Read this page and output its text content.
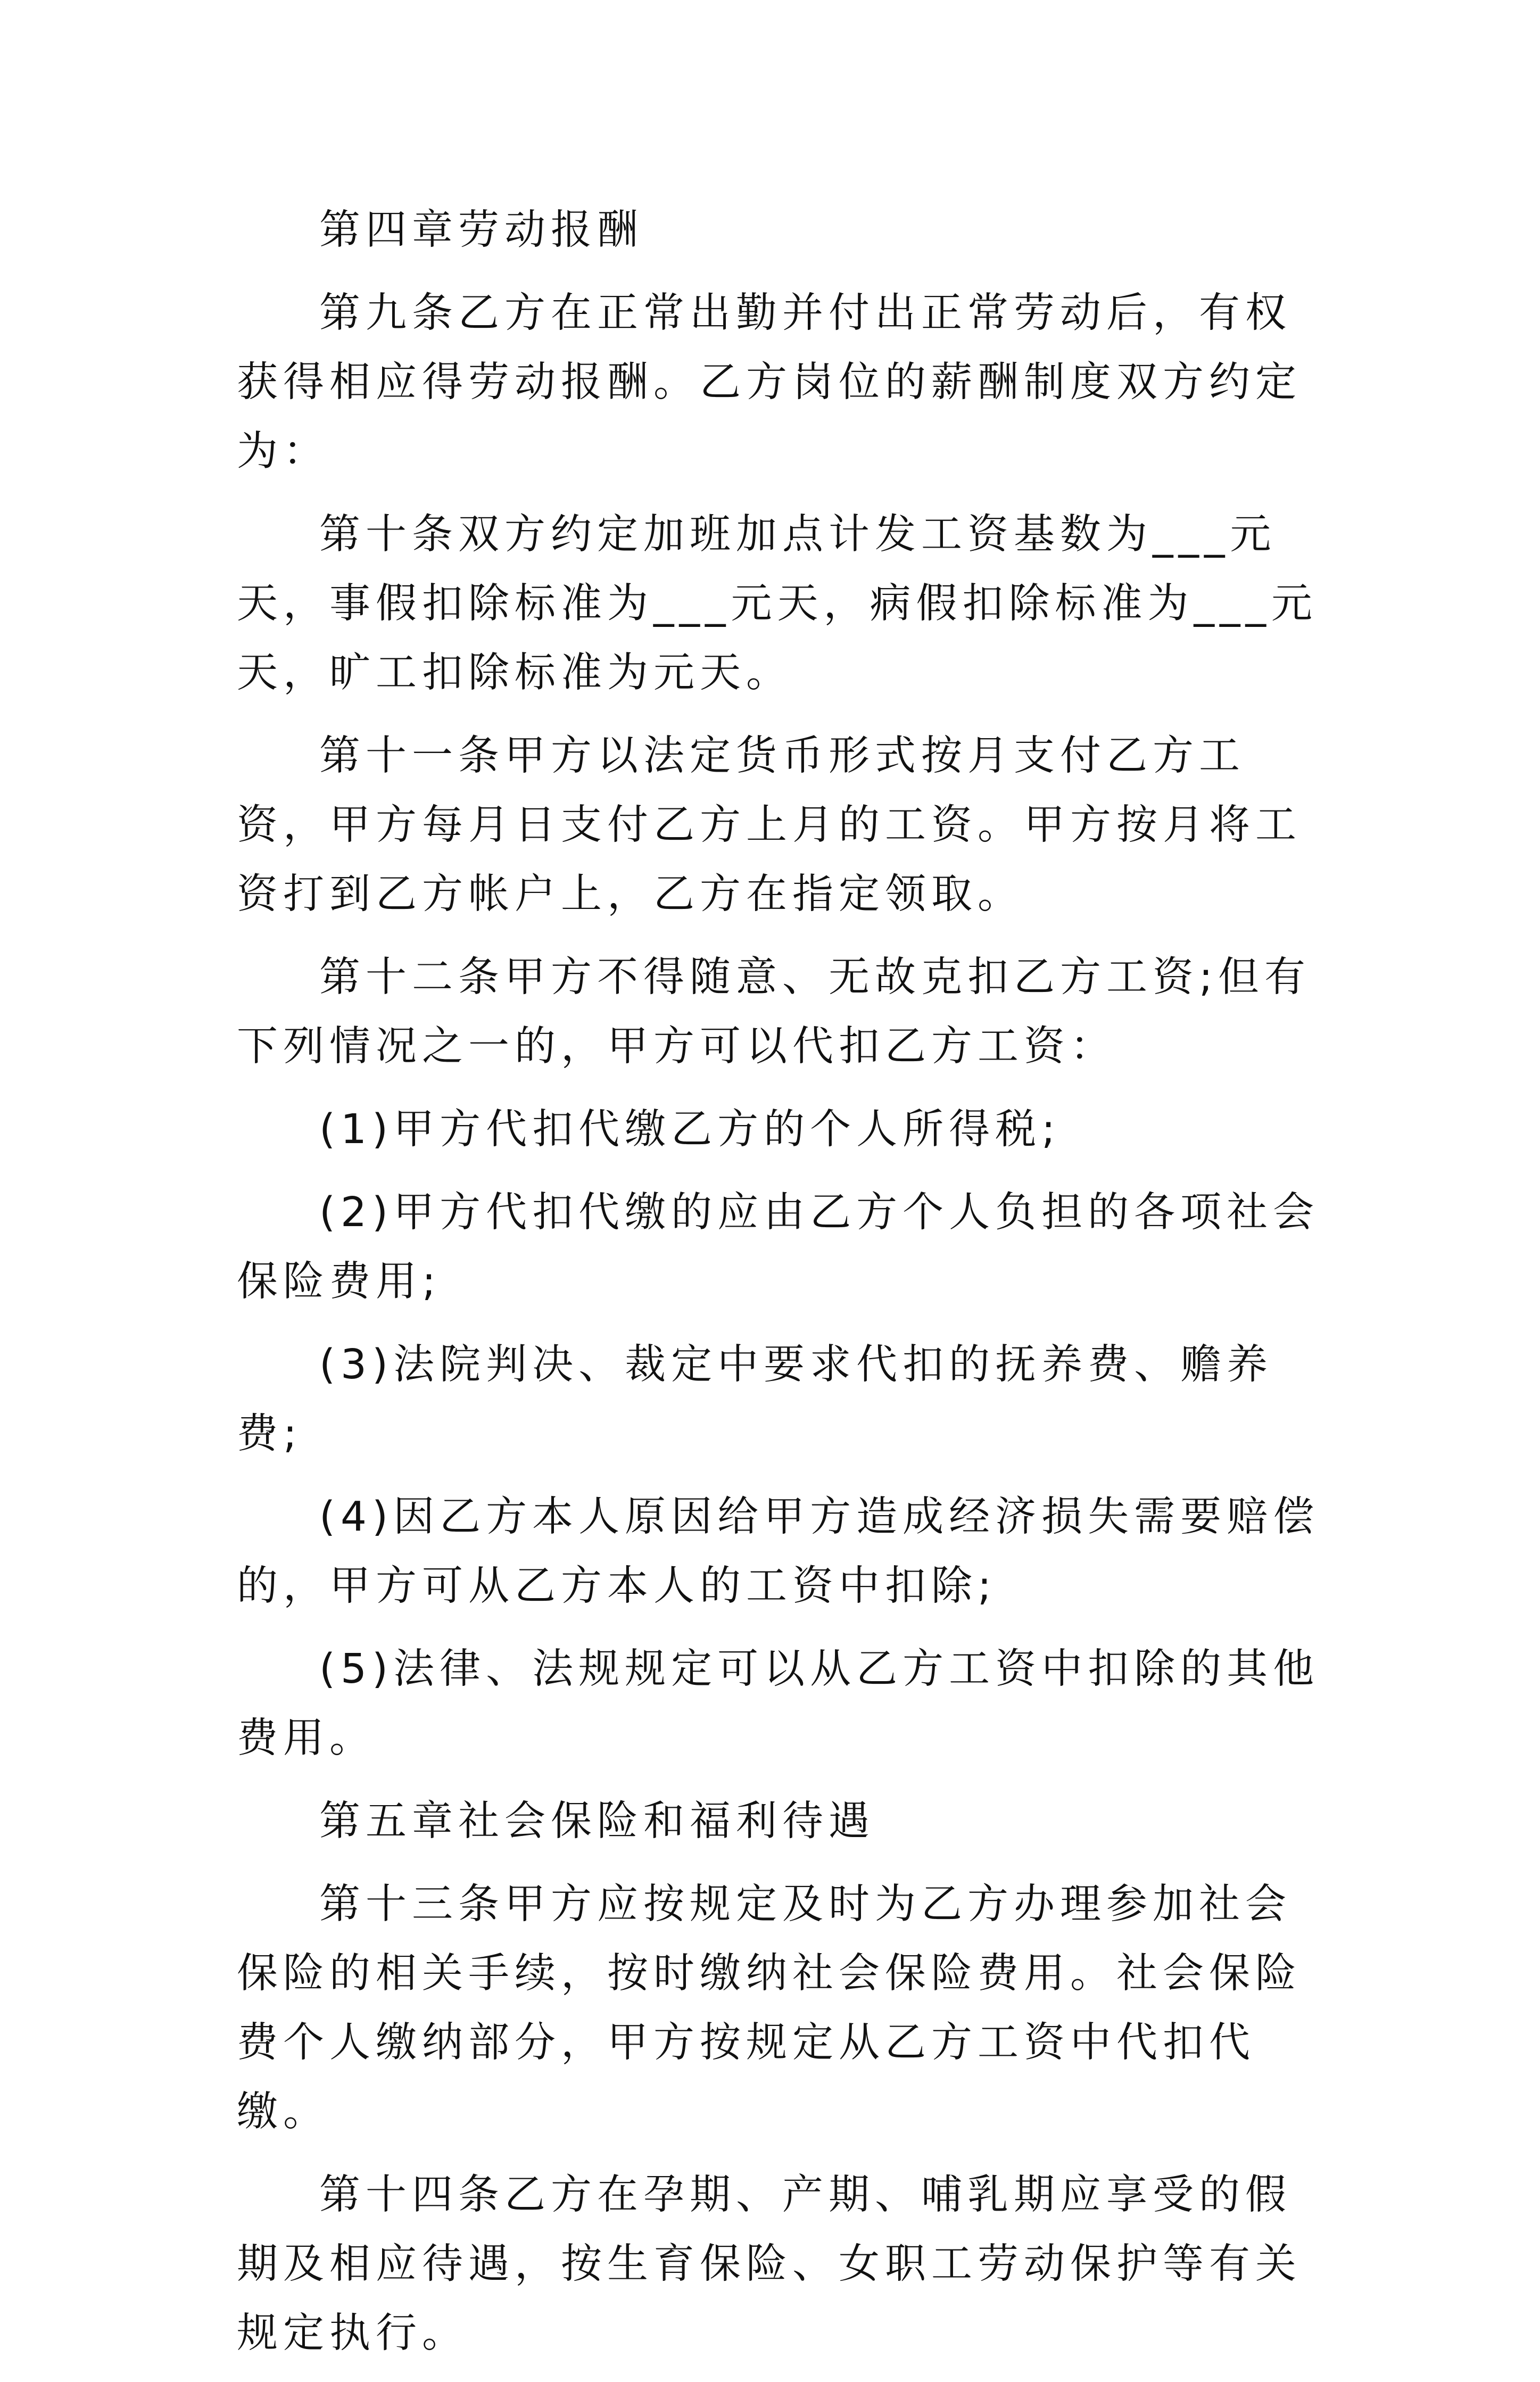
第四章劳动报酬

第九条乙方在正常出勤并付出正常劳动后，有权获得相应得劳动报酬。乙方岗位的薪酬制度双方约定为：

第十条双方约定加班加点计发工资基数为___元天，事假扣除标准为___元天，病假扣除标准为___元天，旷工扣除标准为元天。

第十一条甲方以法定货币形式按月支付乙方工资，甲方每月日支付乙方上月的工资。甲方按月将工资打到乙方帐户上，乙方在指定领取。

第十二条甲方不得随意、无故克扣乙方工资;但有下列情况之一的，甲方可以代扣乙方工资：

(1)甲方代扣代缴乙方的个人所得税;

(2)甲方代扣代缴的应由乙方个人负担的各项社会保险费用;

(3)法院判决、裁定中要求代扣的抚养费、赡养费;

(4)因乙方本人原因给甲方造成经济损失需要赔偿的，甲方可从乙方本人的工资中扣除;

(5)法律、法规规定可以从乙方工资中扣除的其他费用。

第五章社会保险和福利待遇

第十三条甲方应按规定及时为乙方办理参加社会保险的相关手续，按时缴纳社会保险费用。社会保险费个人缴纳部分，甲方按规定从乙方工资中代扣代缴。

第十四条乙方在孕期、产期、哺乳期应享受的假期及相应待遇，按生育保险、女职工劳动保护等有关规定执行。
